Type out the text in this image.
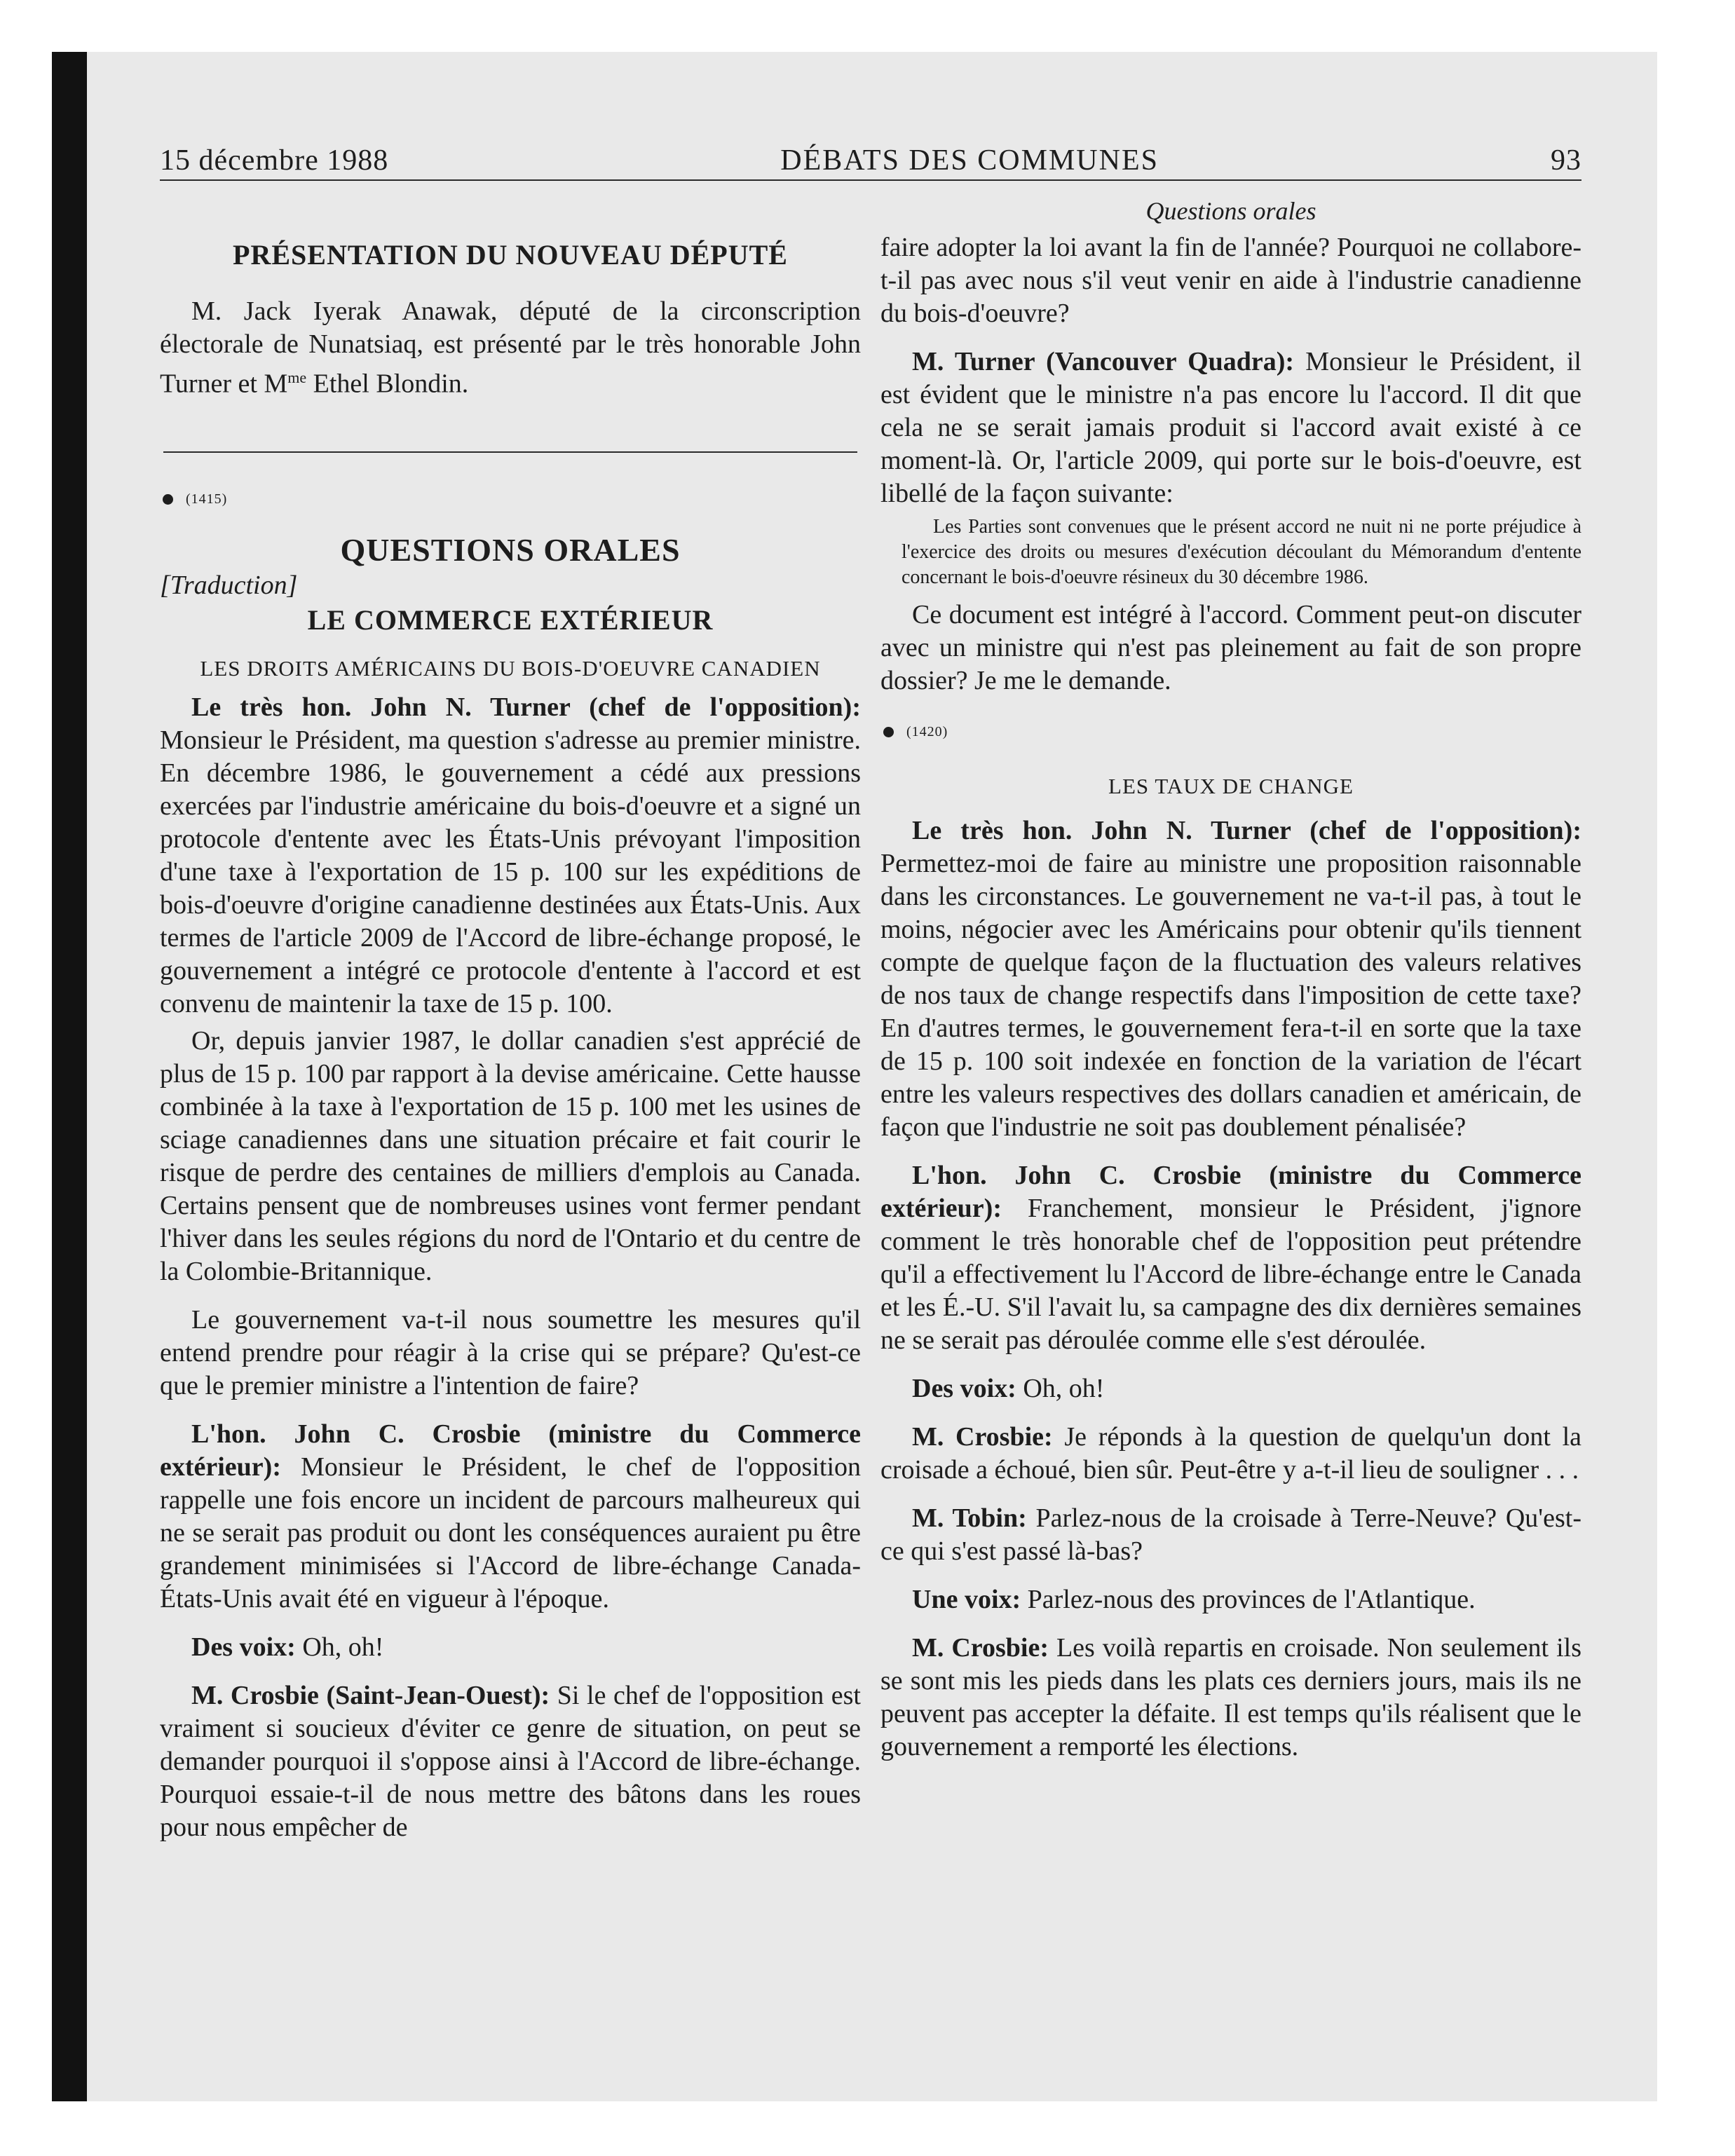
15 décembre 1988	DÉBATS DES COMMUNES	93
PRÉSENTATION DU NOUVEAU DÉPUTÉ

M. Jack Iyerak Anawak, député de la circonscription électorale de Nunatsiaq, est présenté par le très honorable John Turner et $M^{me}$ Ethel Blondin.

(1415)
QUESTIONS ORALES
[Traduction]
LE COMMERCE EXTÉRIEUR
LES DROITS AMÉRICAINS DU BOIS-D'OEUVRE CANADIEN

Le très hon. John N. Turner (chef de l'opposition): Monsieur le Président, ma question s'adresse au premier ministre. En décembre 1986, le gouvernement a cédé aux pressions exercées par l'industrie américaine du bois-d'oeuvre et a signé un protocole d'entente avec les États-Unis prévoyant l'imposition d'une taxe à l'exportation de 15 p. 100 sur les expéditions de bois-d'oeuvre d'origine canadienne destinées aux États-Unis. Aux termes de l'article 2009 de l'Accord de libre-échange proposé, le gouvernement a intégré ce protocole d'entente à l'accord et est convenu de maintenir la taxe de 15 p. 100.

Or, depuis janvier 1987, le dollar canadien s'est apprécié de plus de 15 p. 100 par rapport à la devise américaine. Cette hausse combinée à la taxe à l'exportation de 15 p. 100 met les usines de sciage canadiennes dans une situation précaire et fait courir le risque de perdre des centaines de milliers d'emplois au Canada. Certains pensent que de nombreuses usines vont fermer pendant l'hiver dans les seules régions du nord de l'Ontario et du centre de la Colombie-Britannique.

Le gouvernement va-t-il nous soumettre les mesures qu'il entend prendre pour réagir à la crise qui se prépare? Qu'est-ce que le premier ministre a l'intention de faire?

L'hon. John C. Crosbie (ministre du Commerce extérieur): Monsieur le Président, le chef de l'opposition rappelle une fois encore un incident de parcours malheureux qui ne se serait pas produit ou dont les conséquences auraient pu être grandement minimisées si l'Accord de libre-échange Canada-États-Unis avait été en vigueur à l'époque.

Des voix: Oh, oh!

M. Crosbie (Saint-Jean-Ouest): Si le chef de l'opposition est vraiment si soucieux d'éviter ce genre de situation, on peut se demander pourquoi il s'oppose ainsi à l'Accord de libre-échange. Pourquoi essaie-t-il de nous mettre des bâtons dans les roues pour nous empêcher de

Questions orales

faire adopter la loi avant la fin de l'année? Pourquoi ne collabore-t-il pas avec nous s'il veut venir en aide à l'industrie canadienne du bois-d'oeuvre?

M. Turner (Vancouver Quadra): Monsieur le Président, il est évident que le ministre n'a pas encore lu l'accord. Il dit que cela ne se serait jamais produit si l'accord avait existé à ce moment-là. Or, l'article 2009, qui porte sur le bois-d'oeuvre, est libellé de la façon suivante:

Les Parties sont convenues que le présent accord ne nuit ni ne porte préjudice à l'exercice des droits ou mesures d'exécution découlant du Mémorandum d'entente concernant le bois-d'oeuvre résineux du 30 décembre 1986.

Ce document est intégré à l'accord. Comment peut-on discuter avec un ministre qui n'est pas pleinement au fait de son propre dossier? Je me le demande.

(1420)
LES TAUX DE CHANGE

Le très hon. John N. Turner (chef de l'opposition): Permettez-moi de faire au ministre une proposition raisonnable dans les circonstances. Le gouvernement ne va-t-il pas, à tout le moins, négocier avec les Américains pour obtenir qu'ils tiennent compte de quelque façon de la fluctuation des valeurs relatives de nos taux de change respectifs dans l'imposition de cette taxe? En d'autres termes, le gouvernement fera-t-il en sorte que la taxe de 15 p. 100 soit indexée en fonction de la variation de l'écart entre les valeurs respectives des dollars canadien et américain, de façon que l'industrie ne soit pas doublement pénalisée?

L'hon. John C. Crosbie (ministre du Commerce extérieur): Franchement, monsieur le Président, j'ignore comment le très honorable chef de l'opposition peut prétendre qu'il a effectivement lu l'Accord de libre-échange entre le Canada et les É.-U. S'il l'avait lu, sa campagne des dix dernières semaines ne se serait pas déroulée comme elle s'est déroulée.

Des voix: Oh, oh!

M. Crosbie: Je réponds à la question de quelqu'un dont la croisade a échoué, bien sûr. Peut-être y a-t-il lieu de souligner . . .

M. Tobin: Parlez-nous de la croisade à Terre-Neuve? Qu'est-ce qui s'est passé là-bas?

Une voix: Parlez-nous des provinces de l'Atlantique.

M. Crosbie: Les voilà repartis en croisade. Non seulement ils se sont mis les pieds dans les plats ces derniers jours, mais ils ne peuvent pas accepter la défaite. Il est temps qu'ils réalisent que le gouvernement a remporté les élections.
